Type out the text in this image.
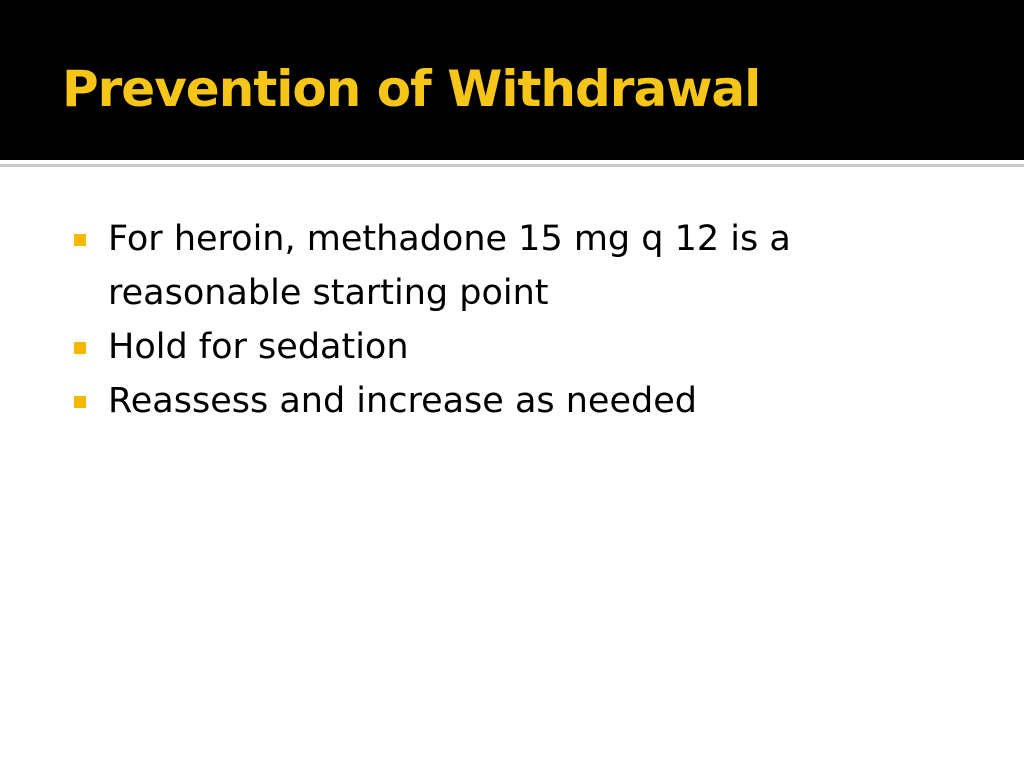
Prevention of Withdrawal
For heroin, methadone 15 mg q 12 is a reasonable starting point
Hold for sedation
Reassess and increase as needed
